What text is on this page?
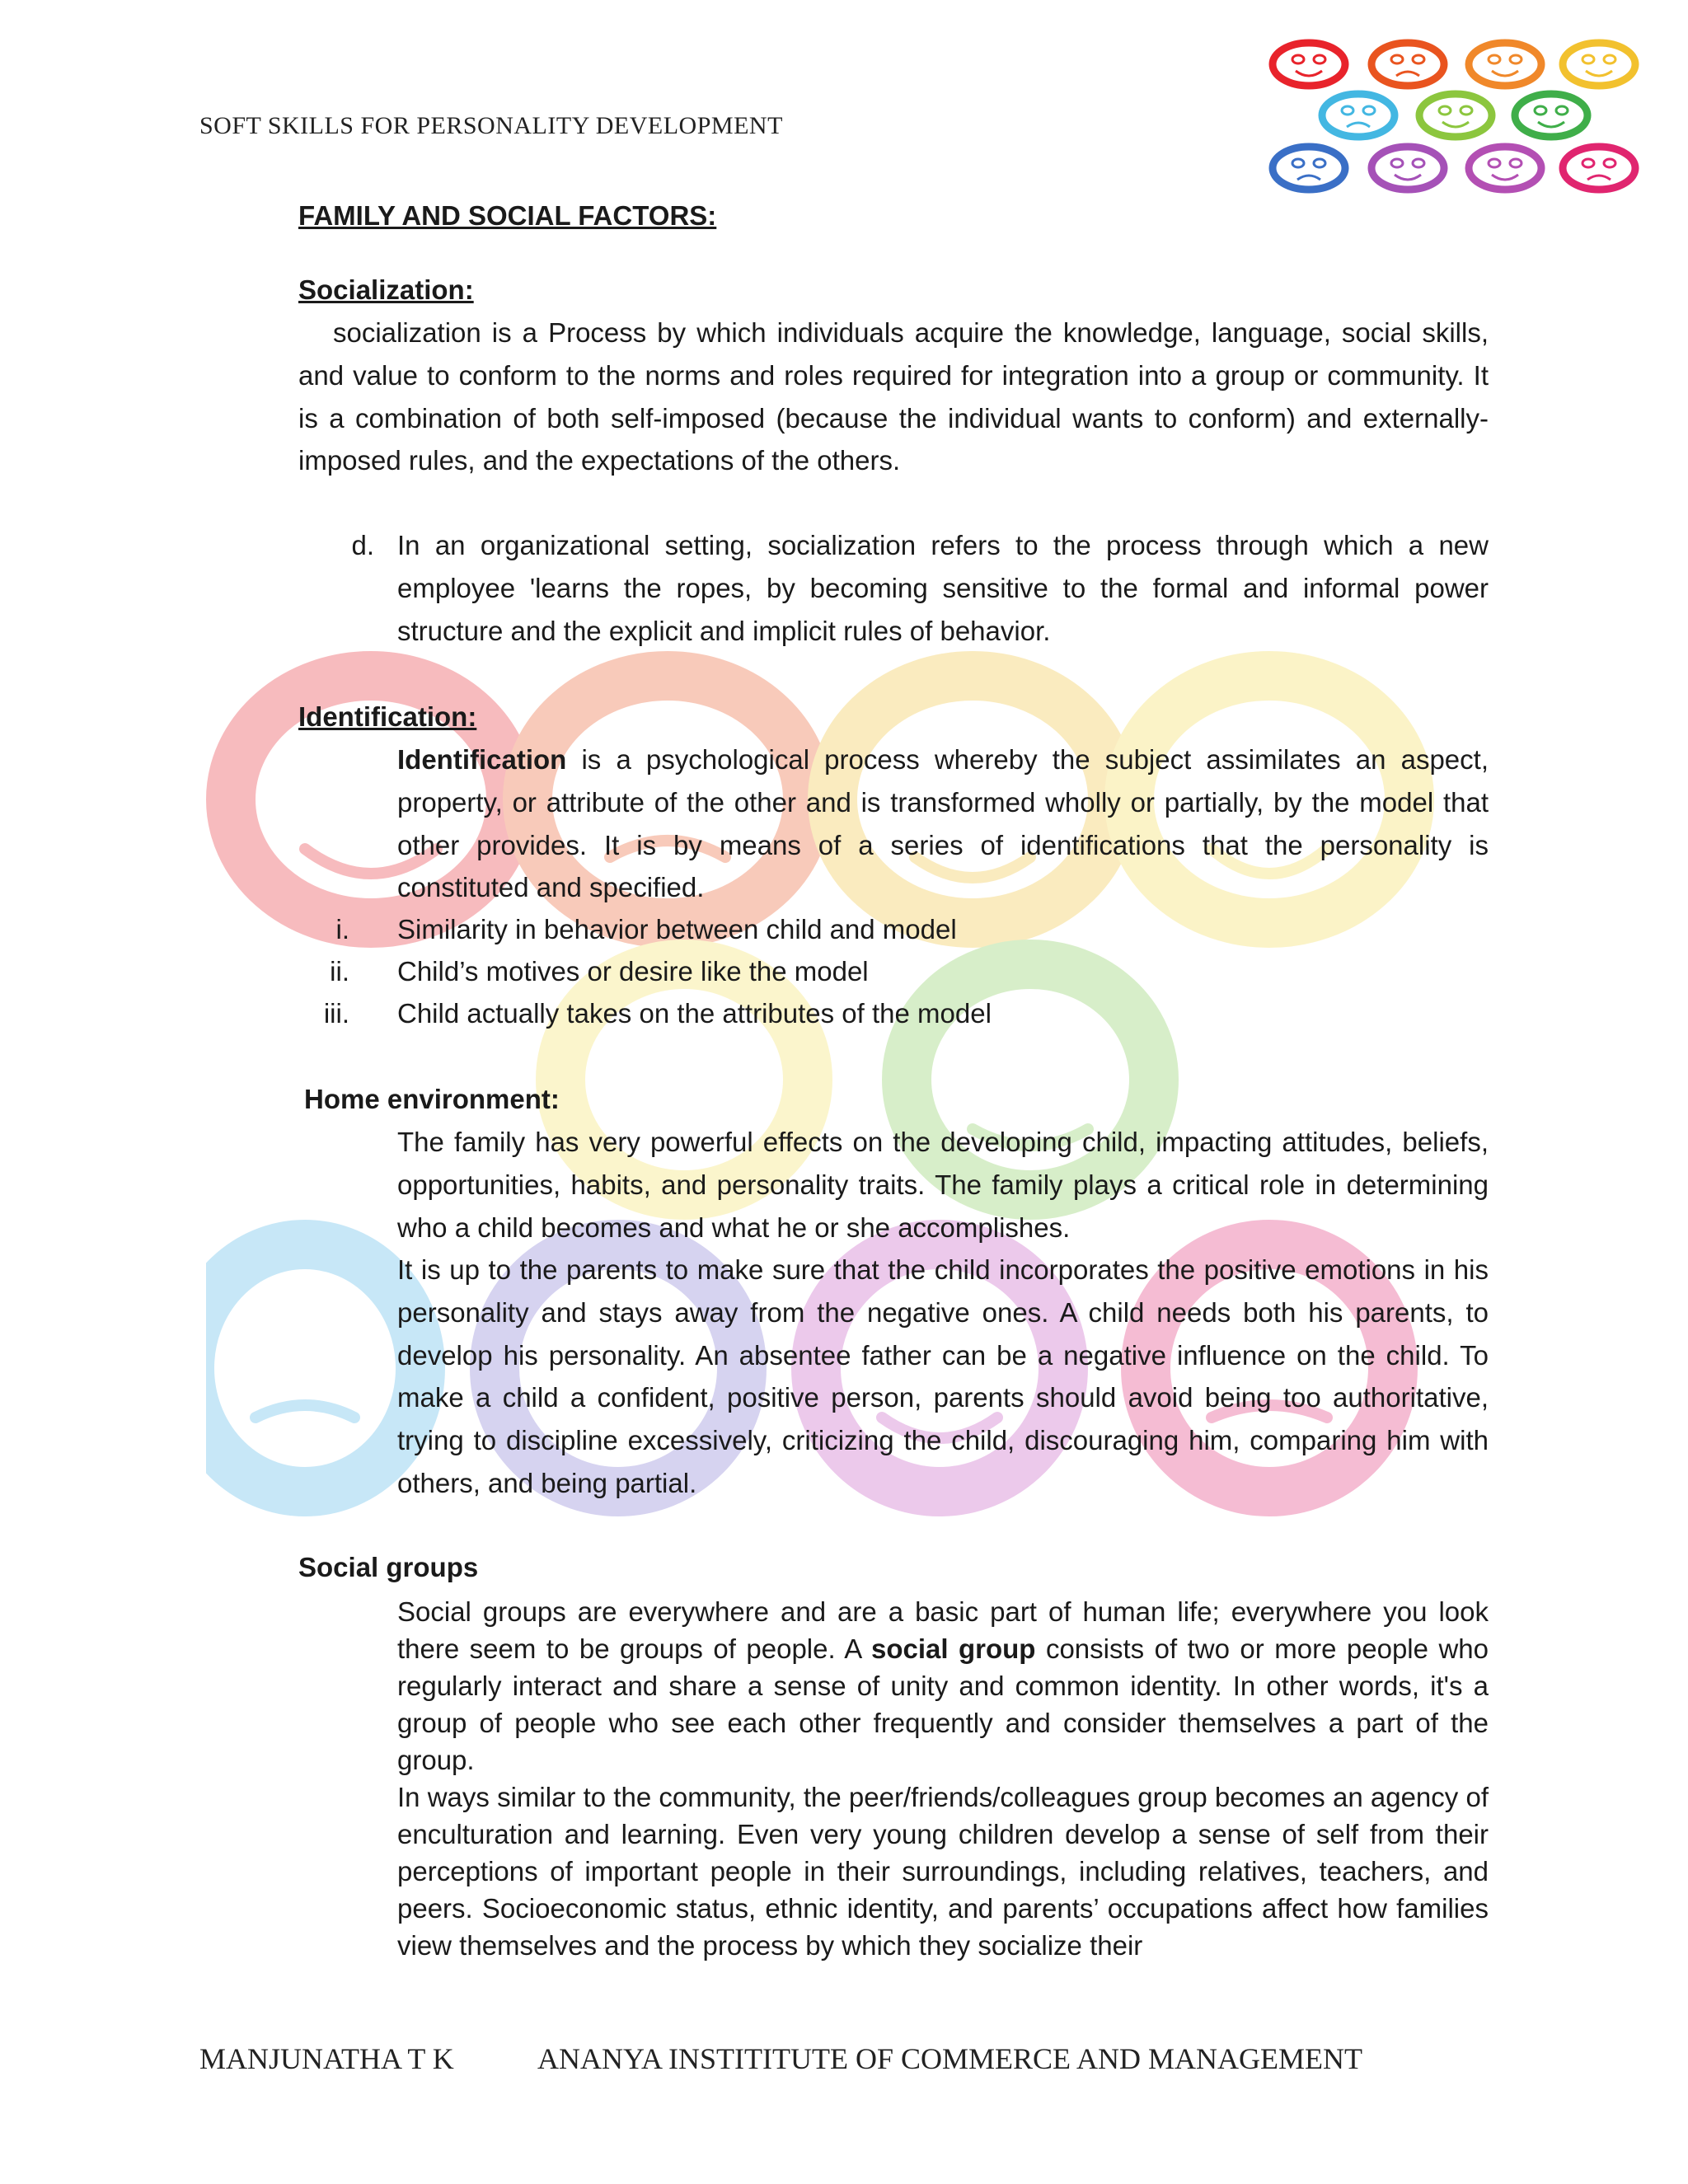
SOFT SKILLS FOR PERSONALITY DEVELOPMENT
FAMILY AND SOCIAL FACTORS:
Socialization:
socialization is a Process by which individuals acquire the knowledge, language, social skills, and value to conform to the norms and roles required for integration into a group or community. It is a combination of both self-imposed (because the individual wants to conform) and externally-imposed rules, and the expectations of the others.
d. In an organizational setting, socialization refers to the process through which a new employee 'learns the ropes, by becoming sensitive to the formal and informal power structure and the explicit and implicit rules of behavior.
Identification:
Identification is a psychological process whereby the subject assimilates an aspect, property, or attribute of the other and is transformed wholly or partially, by the model that other provides. It is by means of a series of identifications that the personality is constituted and specified.
i. Similarity in behavior between child and model
ii. Child’s motives or desire like the model
iii. Child actually takes on the attributes of the model
Home environment:
The family has very powerful effects on the developing child, impacting attitudes, beliefs, opportunities, habits, and personality traits. The family plays a critical role in determining who a child becomes and what he or she accomplishes.
It is up to the parents to make sure that the child incorporates the positive emotions in his personality and stays away from the negative ones. A child needs both his parents, to develop his personality. An absentee father can be a negative influence on the child. To make a child a confident, positive person, parents should avoid being too authoritative, trying to discipline excessively, criticizing the child, discouraging him, comparing him with others, and being partial.
Social groups
Social groups are everywhere and are a basic part of human life; everywhere you look there seem to be groups of people. A social group consists of two or more people who regularly interact and share a sense of unity and common identity. In other words, it's a group of people who see each other frequently and consider themselves a part of the group.
In ways similar to the community, the peer/friends/colleagues group becomes an agency of enculturation and learning. Even very young children develop a sense of self from their perceptions of important people in their surroundings, including relatives, teachers, and peers. Socioeconomic status, ethnic identity, and parents’ occupations affect how families view themselves and the process by which they socialize their
MANJUNATHA T K	ANANYA INSTITITUTE OF COMMERCE AND MANAGEMENT
